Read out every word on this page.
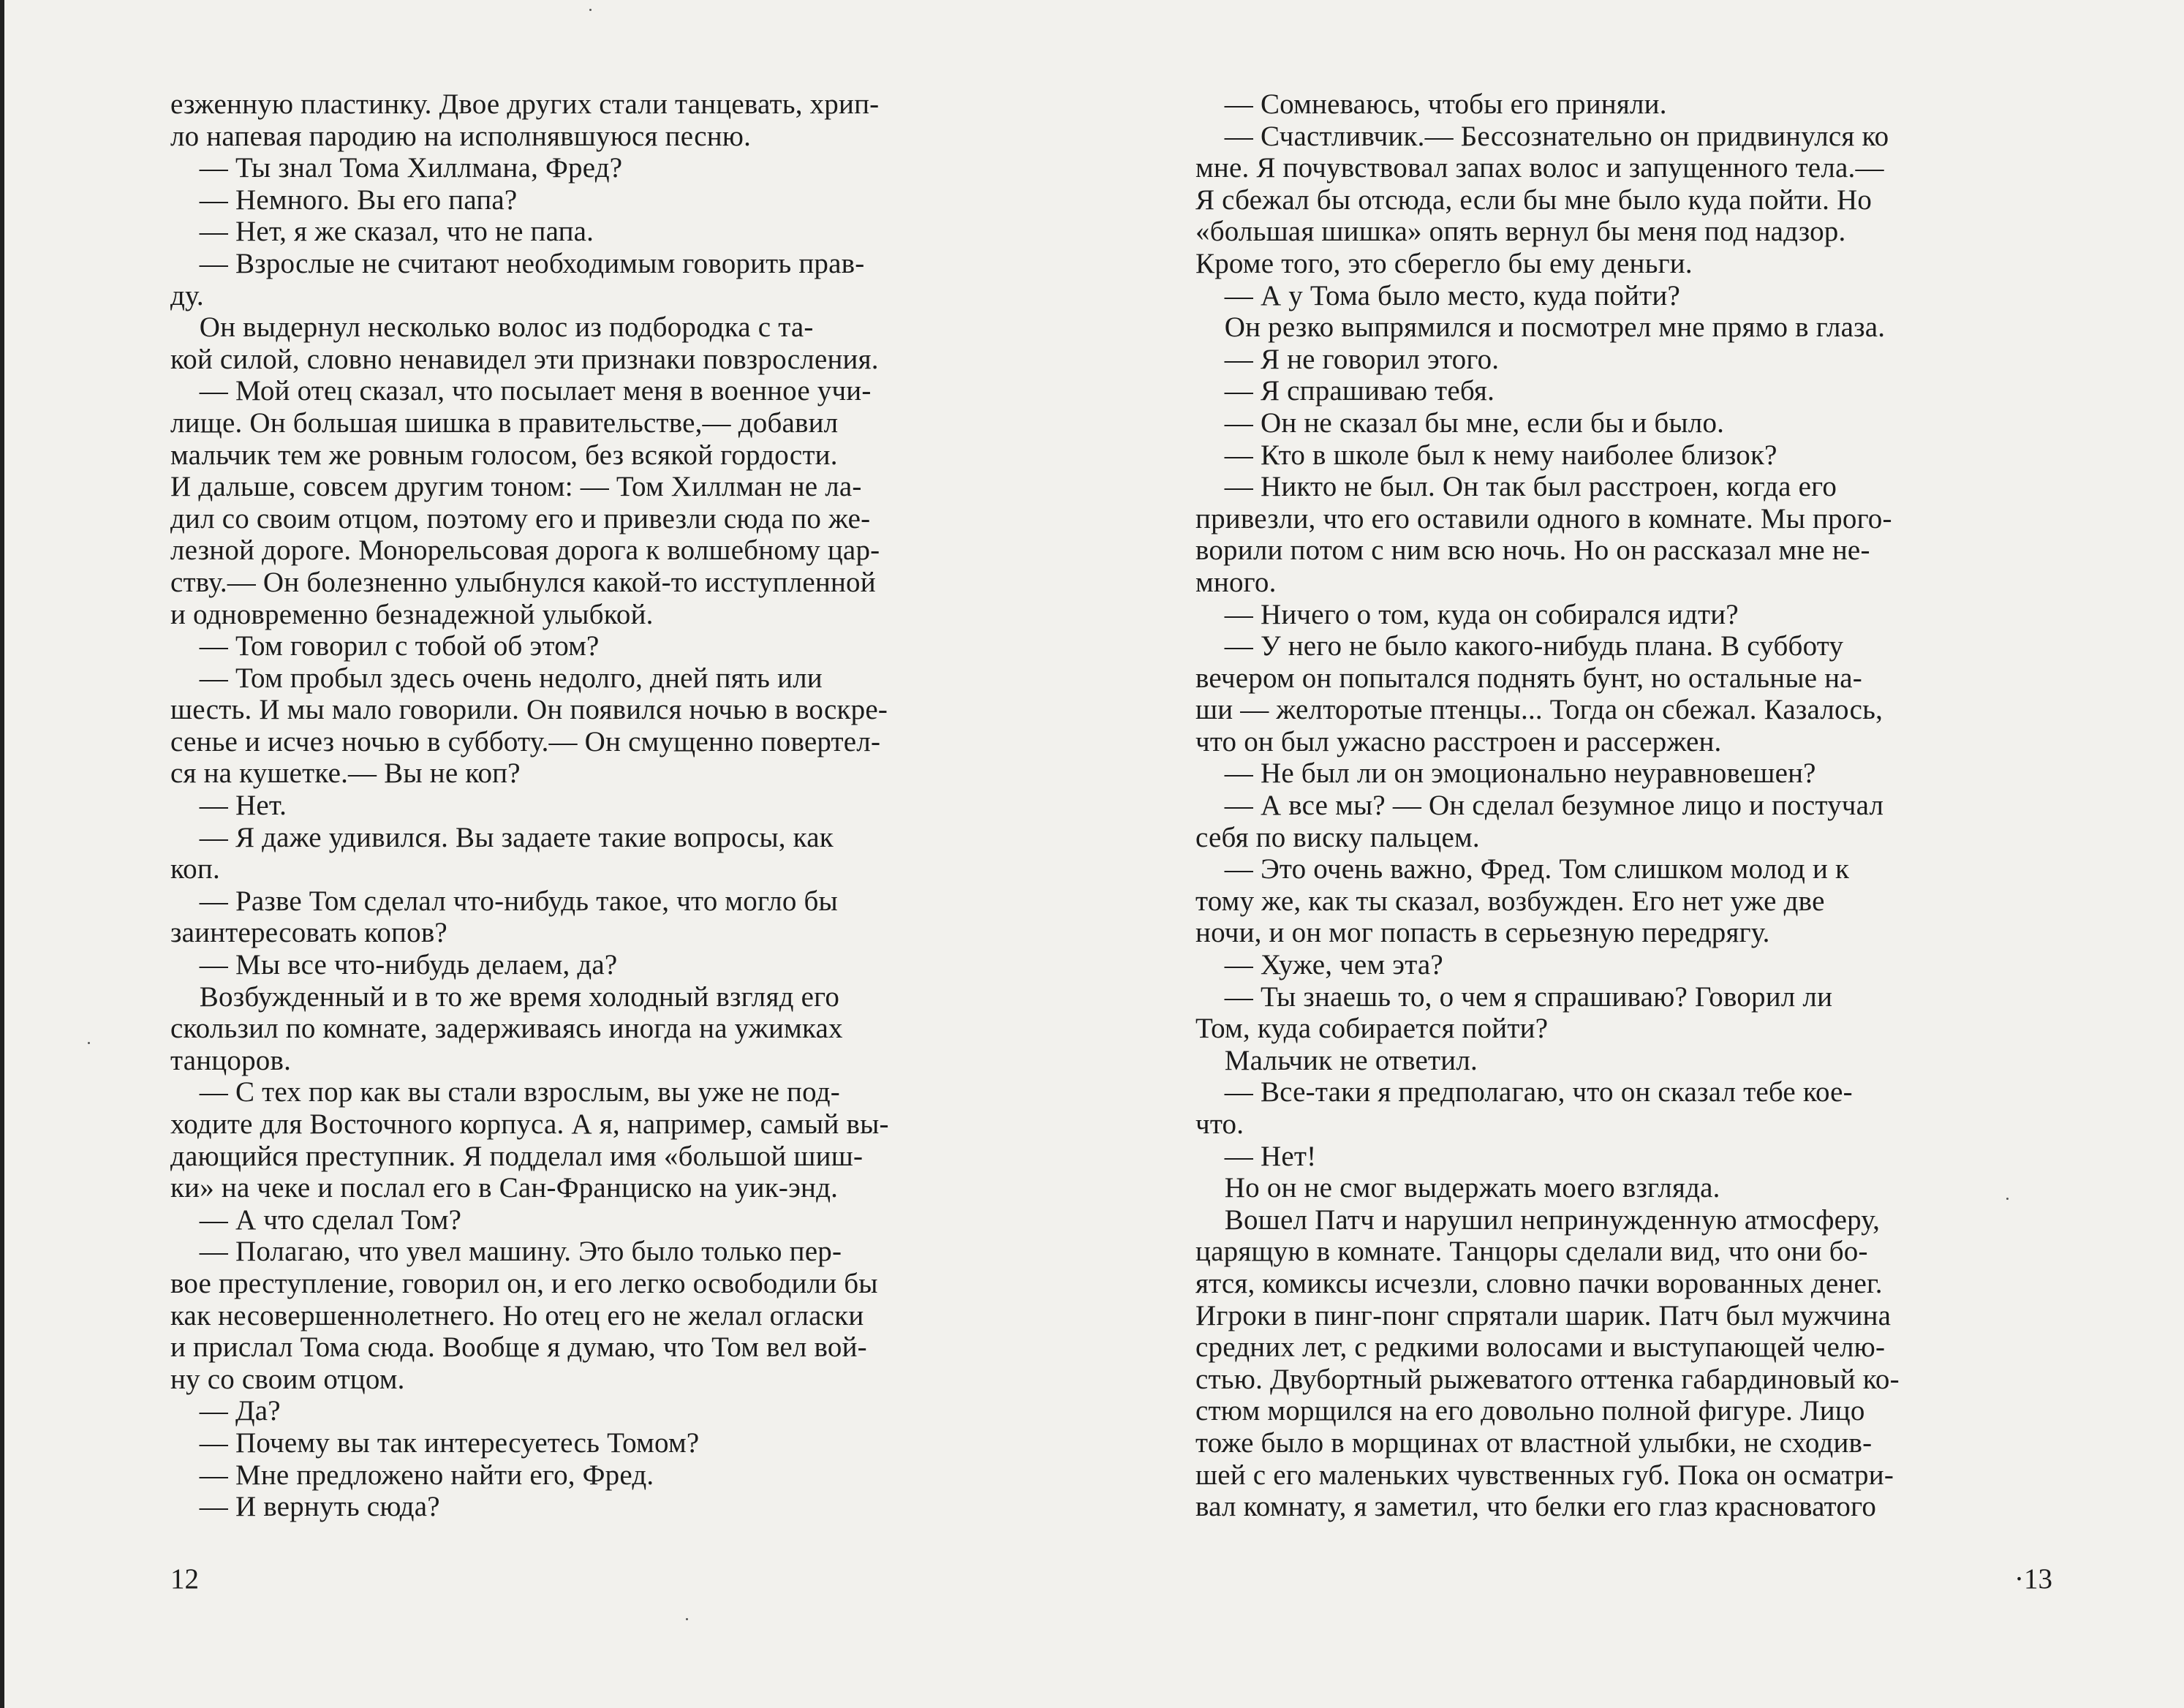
езженную пластинку. Двое других стали танцевать, хрип-
ло напевая пародию на исполнявшуюся песню.
— Ты знал Тома Хиллмана, Фред?
— Немного. Вы его папа?
— Нет, я же сказал, что не папа.
— Взрослые не считают необходимым говорить прав-
ду.
Он выдернул несколько волос из подбородка с та-
кой силой, словно ненавидел эти признаки повзросления.
— Мой отец сказал, что посылает меня в военное учи-
лище. Он большая шишка в правительстве,— добавил
мальчик тем же ровным голосом, без всякой гордости.
И дальше, совсем другим тоном: — Том Хиллман не ла-
дил со своим отцом, поэтому его и привезли сюда по же-
лезной дороге. Монорельсовая дорога к волшебному цар-
ству.— Он болезненно улыбнулся какой-то исступленной
и одновременно безнадежной улыбкой.
— Том говорил с тобой об этом?
— Том пробыл здесь очень недолго, дней пять или
шесть. И мы мало говорили. Он появился ночью в воскре-
сенье и исчез ночью в субботу.— Он смущенно повертел-
ся на кушетке.— Вы не коп?
— Нет.
— Я даже удивился. Вы задаете такие вопросы, как
коп.
— Разве Том сделал что-нибудь такое, что могло бы
заинтересовать копов?
— Мы все что-нибудь делаем, да?
Возбужденный и в то же время холодный взгляд его
скользил по комнате, задерживаясь иногда на ужимках
танцоров.
— С тех пор как вы стали взрослым, вы уже не под-
ходите для Восточного корпуса. А я, например, самый вы-
дающийся преступник. Я подделал имя «большой шиш-
ки» на чеке и послал его в Сан-Франциско на уик-энд.
— А что сделал Том?
— Полагаю, что увел машину. Это было только пер-
вое преступление, говорил он, и его легко освободили бы
как несовершеннолетнего. Но отец его не желал огласки
и прислал Тома сюда. Вообще я думаю, что Том вел вой-
ну со своим отцом.
— Да?
— Почему вы так интересуетесь Томом?
— Мне предложено найти его, Фред.
— И вернуть сюда?
12
— Сомневаюсь, чтобы его приняли.
— Счастливчик.— Бессознательно он придвинулся ко
мне. Я почувствовал запах волос и запущенного тела.—
Я сбежал бы отсюда, если бы мне было куда пойти. Но
«большая шишка» опять вернул бы меня под надзор.
Кроме того, это сберегло бы ему деньги.
— А у Тома было место, куда пойти?
Он резко выпрямился и посмотрел мне прямо в глаза.
— Я не говорил этого.
— Я спрашиваю тебя.
— Он не сказал бы мне, если бы и было.
— Кто в школе был к нему наиболее близок?
— Никто не был. Он так был расстроен, когда его
привезли, что его оставили одного в комнате. Мы прого-
ворили потом с ним всю ночь. Но он рассказал мне не-
много.
— Ничего о том, куда он собирался идти?
— У него не было какого-нибудь плана. В субботу
вечером он попытался поднять бунт, но остальные на-
ши — желторотые птенцы... Тогда он сбежал. Казалось,
что он был ужасно расстроен и рассержен.
— Не был ли он эмоционально неуравновешен?
— А все мы? — Он сделал безумное лицо и постучал
себя по виску пальцем.
— Это очень важно, Фред. Том слишком молод и к
тому же, как ты сказал, возбужден. Его нет уже две
ночи, и он мог попасть в серьезную передрягу.
— Хуже, чем эта?
— Ты знаешь то, о чем я спрашиваю? Говорил ли
Том, куда собирается пойти?
Мальчик не ответил.
— Все-таки я предполагаю, что он сказал тебе кое-
что.
— Нет!
Но он не смог выдержать моего взгляда.
Вошел Патч и нарушил непринужденную атмосферу,
царящую в комнате. Танцоры сделали вид, что они бо-
ятся, комиксы исчезли, словно пачки ворованных денег.
Игроки в пинг-понг спрятали шарик. Патч был мужчина
средних лет, с редкими волосами и выступающей челю-
стью. Двубортный рыжеватого оттенка габардиновый ко-
стюм морщился на его довольно полной фигуре. Лицо
тоже было в морщинах от властной улыбки, не сходив-
шей с его маленьких чувственных губ. Пока он осматри-
вал комнату, я заметил, что белки его глаз красноватого
·13
